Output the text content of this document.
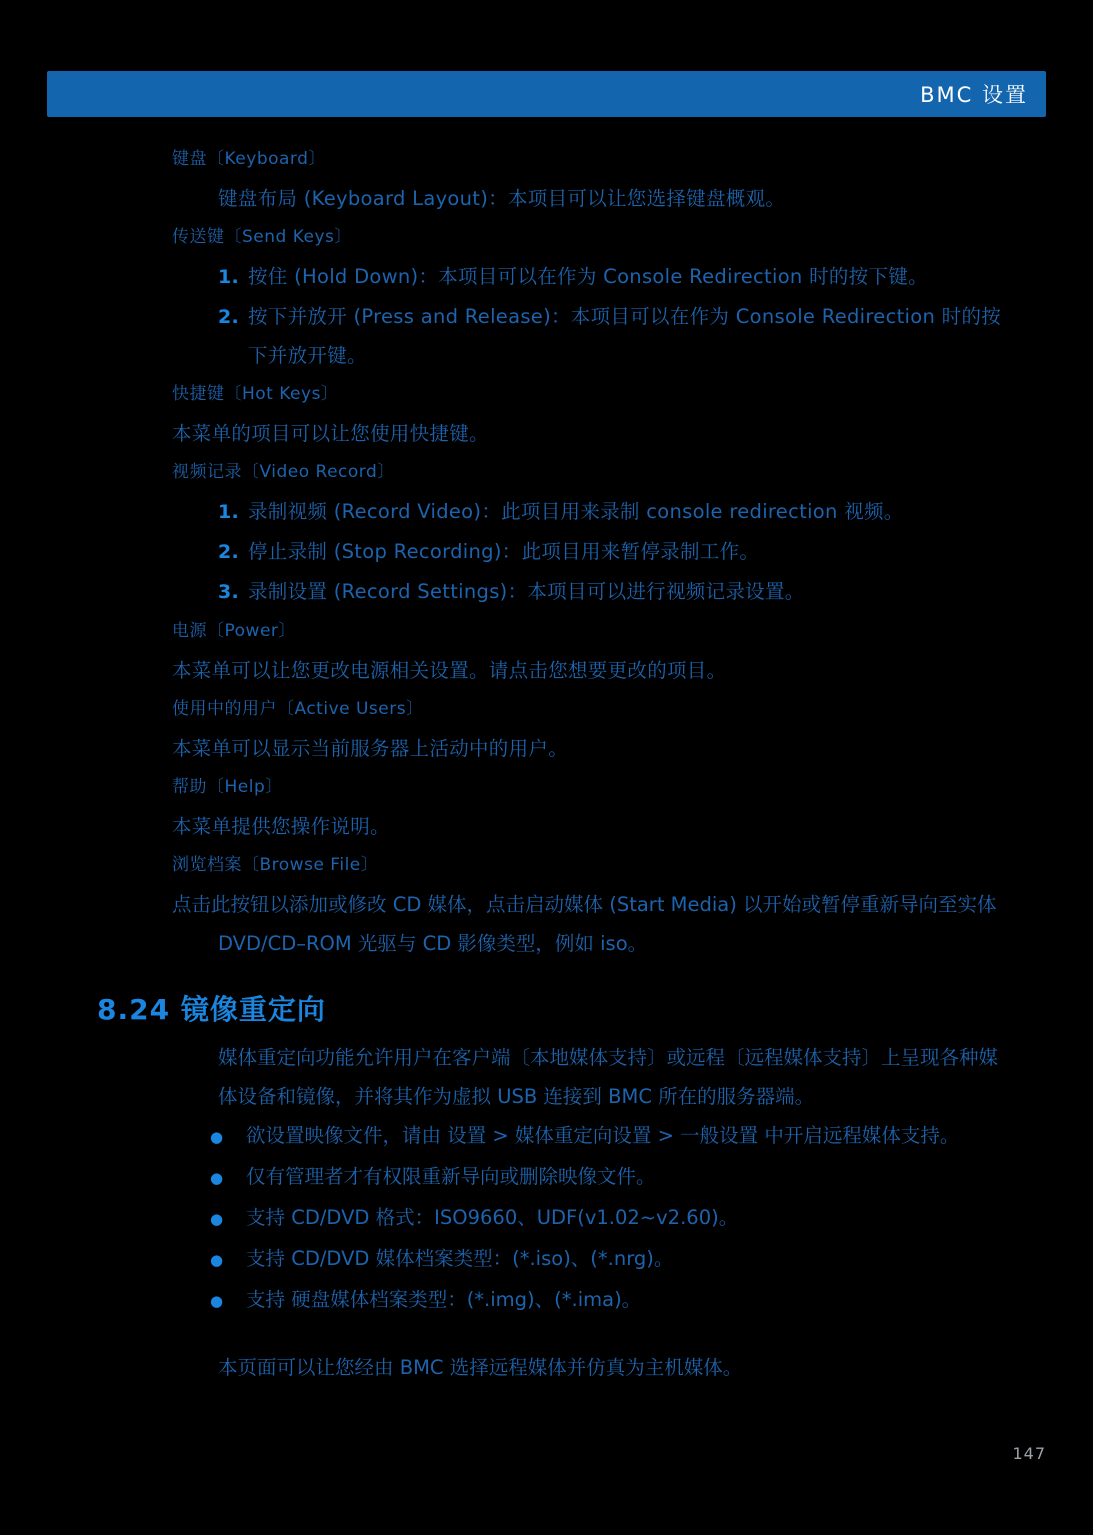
BMC 设置
键盘〔Keyboard〕
键盘布局 (Keyboard Layout)：本项目可以让您选择键盘概观。
传送键〔Send Keys〕
1. 按住 (Hold Down)：本项目可以在作为 Console Redirection 时的按下键。
2. 按下并放开 (Press and Release)：本项目可以在作为 Console Redirection 时的按下并放开键。
快捷键〔Hot Keys〕
本菜单的项目可以让您使用快捷键。
视频记录〔Video Record〕
1. 录制视频 (Record Video)：此项目用来录制 console redirection 视频。
2. 停止录制 (Stop Recording)：此项目用来暂停录制工作。
3. 录制设置 (Record Settings)：本项目可以进行视频记录设置。
电源〔Power〕
本菜单可以让您更改电源相关设置。请点击您想要更改的项目。
使用中的用户〔Active Users〕
本菜单可以显示当前服务器上活动中的用户。
帮助〔Help〕
本菜单提供您操作说明。
浏览档案〔Browse File〕
点击此按钮以添加或修改 CD 媒体，点击启动媒体 (Start Media) 以开始或暂停重新导向至实体 DVD/CD–ROM 光驱与 CD 影像类型，例如 iso。
8.24 镜像重定向
媒体重定向功能允许用户在客户端〔本地媒体支持〕或远程〔远程媒体支持〕上呈现各种媒体设备和镜像，并将其作为虚拟 USB 连接到 BMC 所在的服务器端。
●	欲设置映像文件，请由 设置 > 媒体重定向设置 > 一般设置 中开启远程媒体支持。
●	仅有管理者才有权限重新导向或删除映像文件。
●	支持 CD/DVD 格式：ISO9660、UDF(v1.02~v2.60)。
●	支持 CD/DVD 媒体档案类型：(*.iso)、(*.nrg)。
●	支持 硬盘媒体档案类型：(*.img)、(*.ima)。
本页面可以让您经由 BMC 选择远程媒体并仿真为主机媒体。
147
